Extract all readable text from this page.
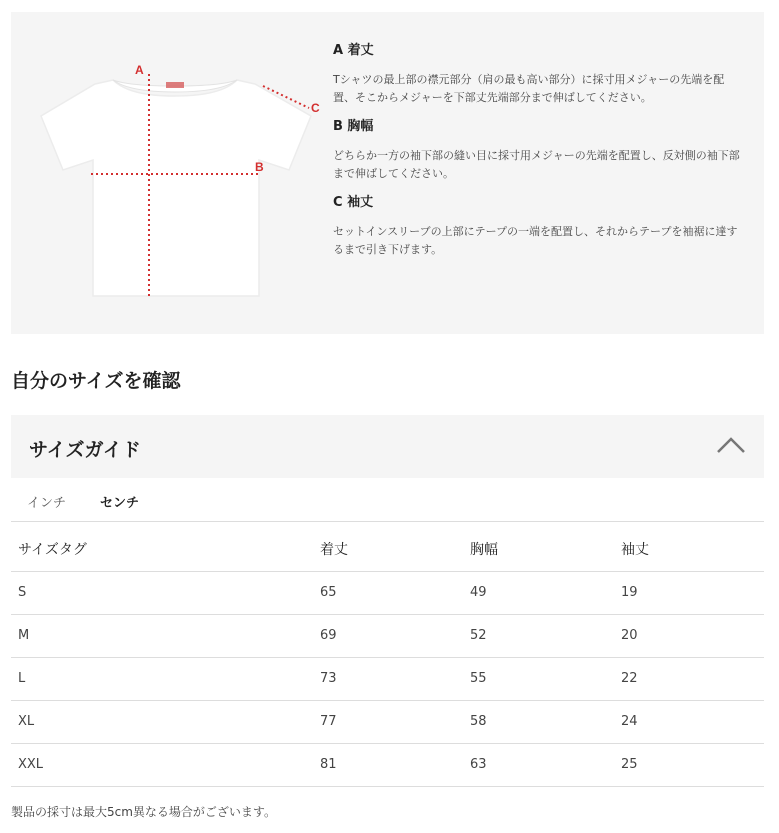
A
B
C
A 着丈
Tシャツの最上部の襟元部分（肩の最も高い部分）に採寸用メジャーの先端を配置、そこからメジャーを下部丈先端部分まで伸ばしてください。
B 胸幅
どちらか一方の袖下部の縫い目に採寸用メジャーの先端を配置し、反対側の袖下部まで伸ばしてください。
C 袖丈
セットインスリーブの上部にテープの一端を配置し、それからテープを袖裾に達するまで引き下げます。
自分のサイズを確認
サイズガイド
インチ	センチ
サイズタグ	着丈	胸幅	袖丈
S	65	49	19
M	69	52	20
L	73	55	22
XL	77	58	24
XXL	81	63	25
製品の採寸は最大5cm異なる場合がございます。
